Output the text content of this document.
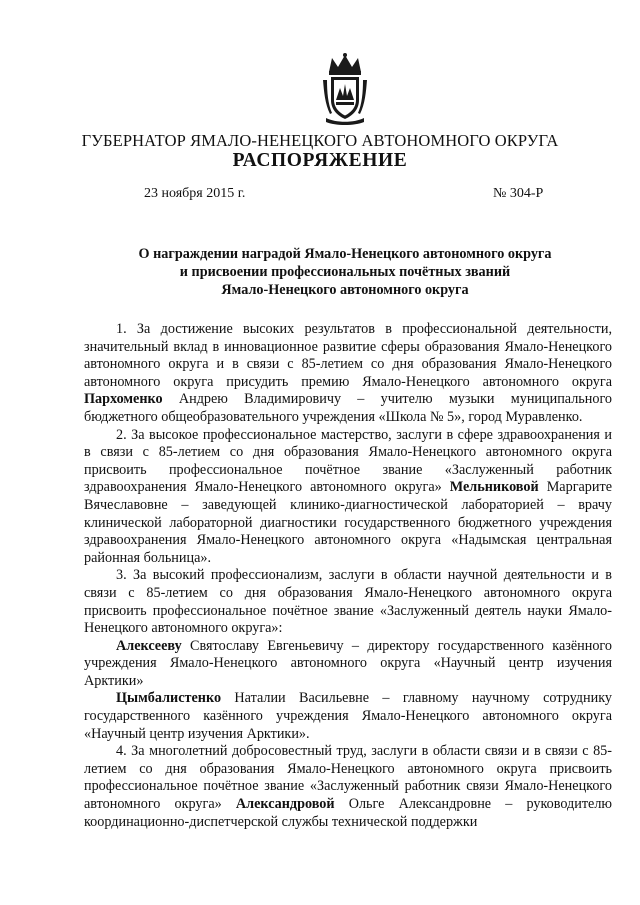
ГУБЕРНАТОР ЯМАЛО-НЕНЕЦКОГО АВТОНОМНОГО ОКРУГА
РАСПОРЯЖЕНИЕ
23 ноября 2015 г.	№ 304-Р
О награждении наградой Ямало-Ненецкого автономного округа
и присвоении профессиональных почётных званий
Ямало-Ненецкого автономного округа

1. За достижение высоких результатов в профессиональной деятельности, значительный вклад в инновационное развитие сферы образования Ямало-Ненецкого автономного округа и в связи с 85-летием со дня образования Ямало-Ненецкого автономного округа присудить премию Ямало-Ненецкого автономного округа Пархоменко Андрею Владимировичу – учителю музыки муниципального бюджетного общеобразовательного учреждения «Школа № 5», город Муравленко.

2. За высокое профессиональное мастерство, заслуги в сфере здравоохранения и в связи с 85-летием со дня образования Ямало-Ненецкого автономного округа присвоить профессиональное почётное звание «Заслуженный работник здравоохранения Ямало-Ненецкого автономного округа» Мельниковой Маргарите Вячеславовне – заведующей клинико-диагностической лабораторией – врачу клинической лабораторной диагностики государственного бюджетного учреждения здравоохранения Ямало-Ненецкого автономного округа «Надымская центральная районная больница».

3. За высокий профессионализм, заслуги в области научной деятельности и в связи с 85-летием со дня образования Ямало-Ненецкого автономного округа присвоить профессиональное почётное звание «Заслуженный деятель науки Ямало-Ненецкого автономного округа»:

Алексееву Святославу Евгеньевичу – директору государственного казённого учреждения Ямало-Ненецкого автономного округа «Научный центр изучения Арктики»

Цымбалистенко Наталии Васильевне – главному научному сотруднику государственного казённого учреждения Ямало-Ненецкого автономного округа «Научный центр изучения Арктики».

4. За многолетний добросовестный труд, заслуги в области связи и в связи с 85-летием со дня образования Ямало-Ненецкого автономного округа присвоить профессиональное почётное звание «Заслуженный работник связи Ямало-Ненецкого автономного округа» Александровой Ольге Александровне – руководителю координационно-диспетчерской службы технической поддержки
